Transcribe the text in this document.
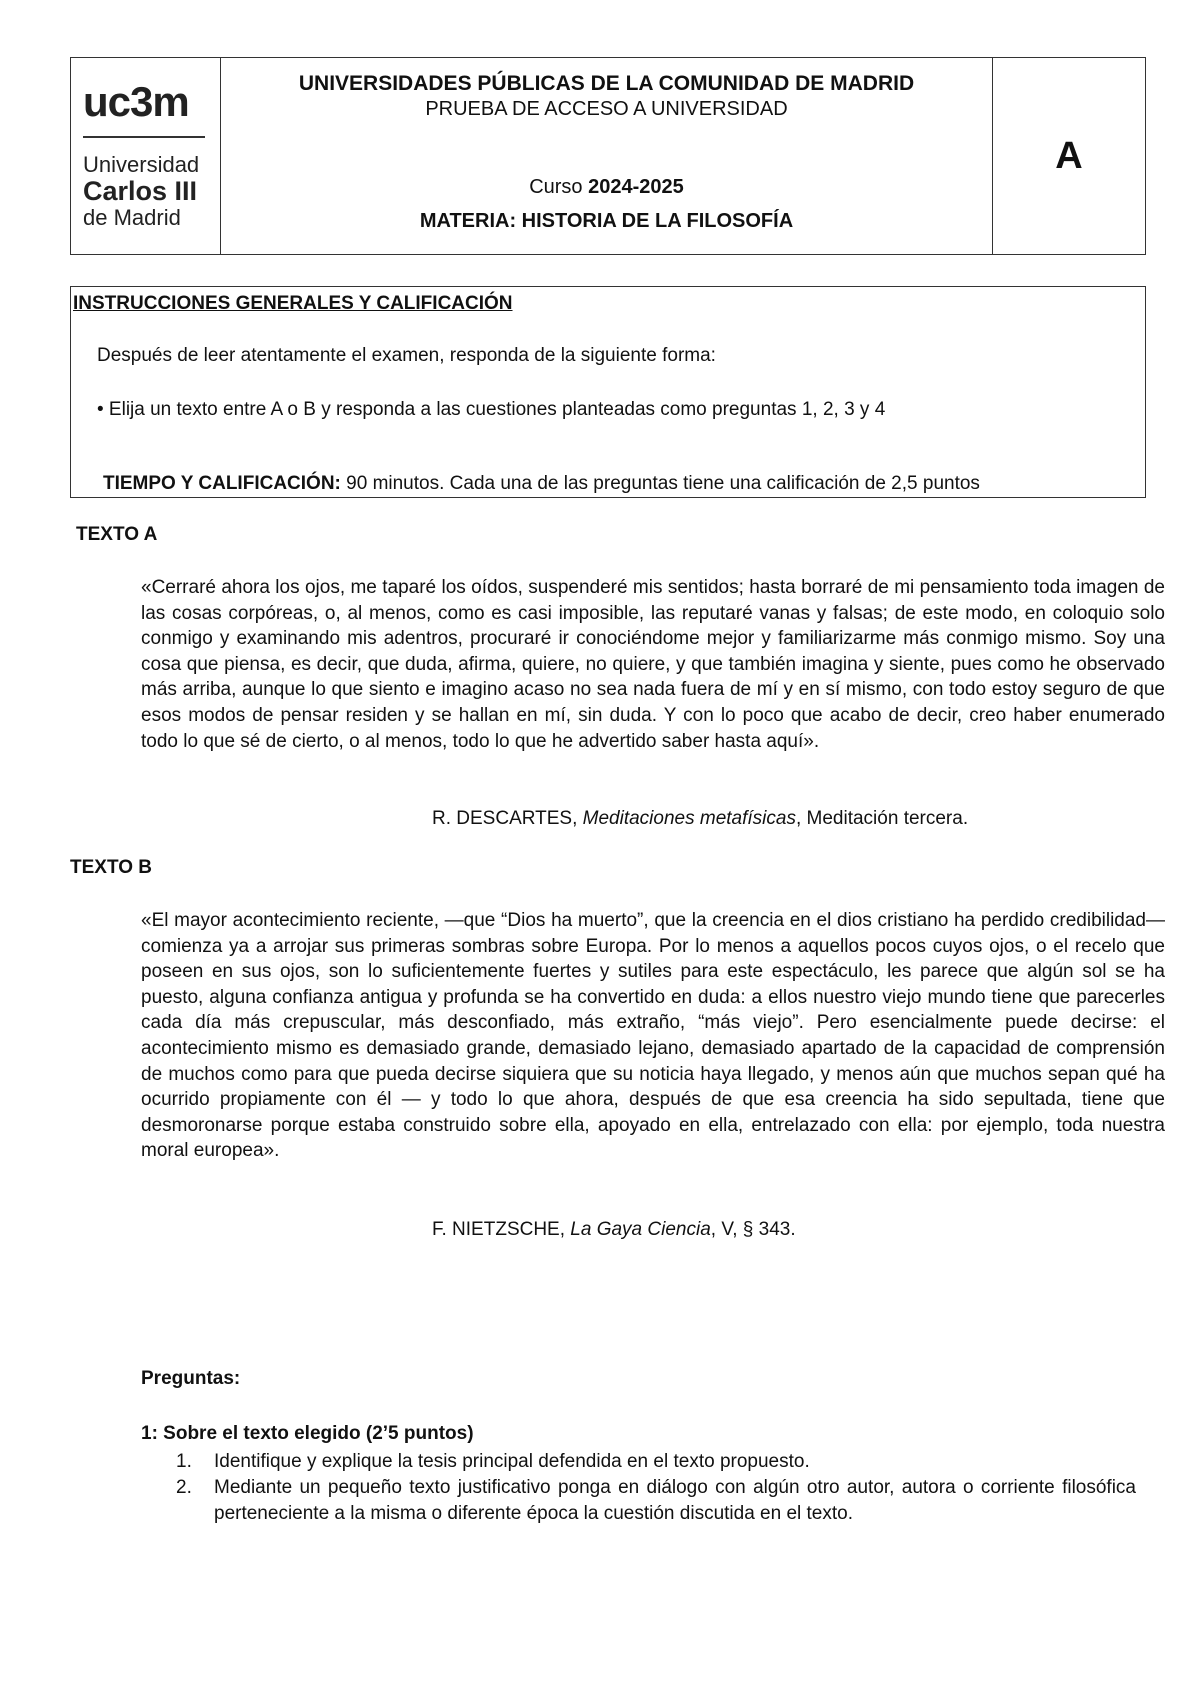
uc3m
Universidad
Carlos III
de Madrid
UNIVERSIDADES PÚBLICAS DE LA COMUNIDAD DE MADRID
PRUEBA DE ACCESO A UNIVERSIDAD
Curso 2024-2025
MATERIA: HISTORIA DE LA FILOSOFÍA
A
INSTRUCCIONES GENERALES Y CALIFICACIÓN
Después de leer atentamente el examen, responda de la siguiente forma:
• Elija un texto entre A o B y responda a las cuestiones planteadas como preguntas 1, 2, 3 y 4
TIEMPO Y CALIFICACIÓN: 90 minutos. Cada una de las preguntas tiene una calificación de 2,5 puntos
TEXTO A

«Cerraré ahora los ojos, me taparé los oídos, suspenderé mis sentidos; hasta borraré de mi pensamiento toda imagen de las cosas corpóreas, o, al menos, como es casi imposible, las reputaré vanas y falsas; de este modo, en coloquio solo conmigo y examinando mis adentros, procuraré ir conociéndome mejor y familiarizarme más conmigo mismo. Soy una cosa que piensa, es decir, que duda, afirma, quiere, no quiere, y que también imagina y siente, pues como he observado más arriba, aunque lo que siento e imagino acaso no sea nada fuera de mí y en sí mismo, con todo estoy seguro de que esos modos de pensar residen y se hallan en mí, sin duda. Y con lo poco que acabo de decir, creo haber enumerado todo lo que sé de cierto, o al menos, todo lo que he advertido saber hasta aquí».

R. DESCARTES, Meditaciones metafísicas, Meditación tercera.
TEXTO B

«El mayor acontecimiento reciente, —que “Dios ha muerto”, que la creencia en el dios cristiano ha perdido credibilidad— comienza ya a arrojar sus primeras sombras sobre Europa. Por lo menos a aquellos pocos cuyos ojos, o el recelo que poseen en sus ojos, son lo suficientemente fuertes y sutiles para este espectáculo, les parece que algún sol se ha puesto, alguna confianza antigua y profunda se ha convertido en duda: a ellos nuestro viejo mundo tiene que parecerles cada día más crepuscular, más desconfiado, más extraño, “más viejo”. Pero esencialmente puede decirse: el acontecimiento mismo es demasiado grande, demasiado lejano, demasiado apartado de la capacidad de comprensión de muchos como para que pueda decirse siquiera que su noticia haya llegado, y menos aún que muchos sepan qué ha ocurrido propiamente con él — y todo lo que ahora, después de que esa creencia ha sido sepultada, tiene que desmoronarse porque estaba construido sobre ella, apoyado en ella, entrelazado con ella: por ejemplo, toda nuestra moral europea».

F. NIETZSCHE, La Gaya Ciencia, V, § 343.
Preguntas:
1: Sobre el texto elegido (2’5 puntos)
1.	Identifique y explique la tesis principal defendida en el texto propuesto.
2.	Mediante un pequeño texto justificativo ponga en diálogo con algún otro autor, autora o corriente filosófica perteneciente a la misma o diferente época la cuestión discutida en el texto.
